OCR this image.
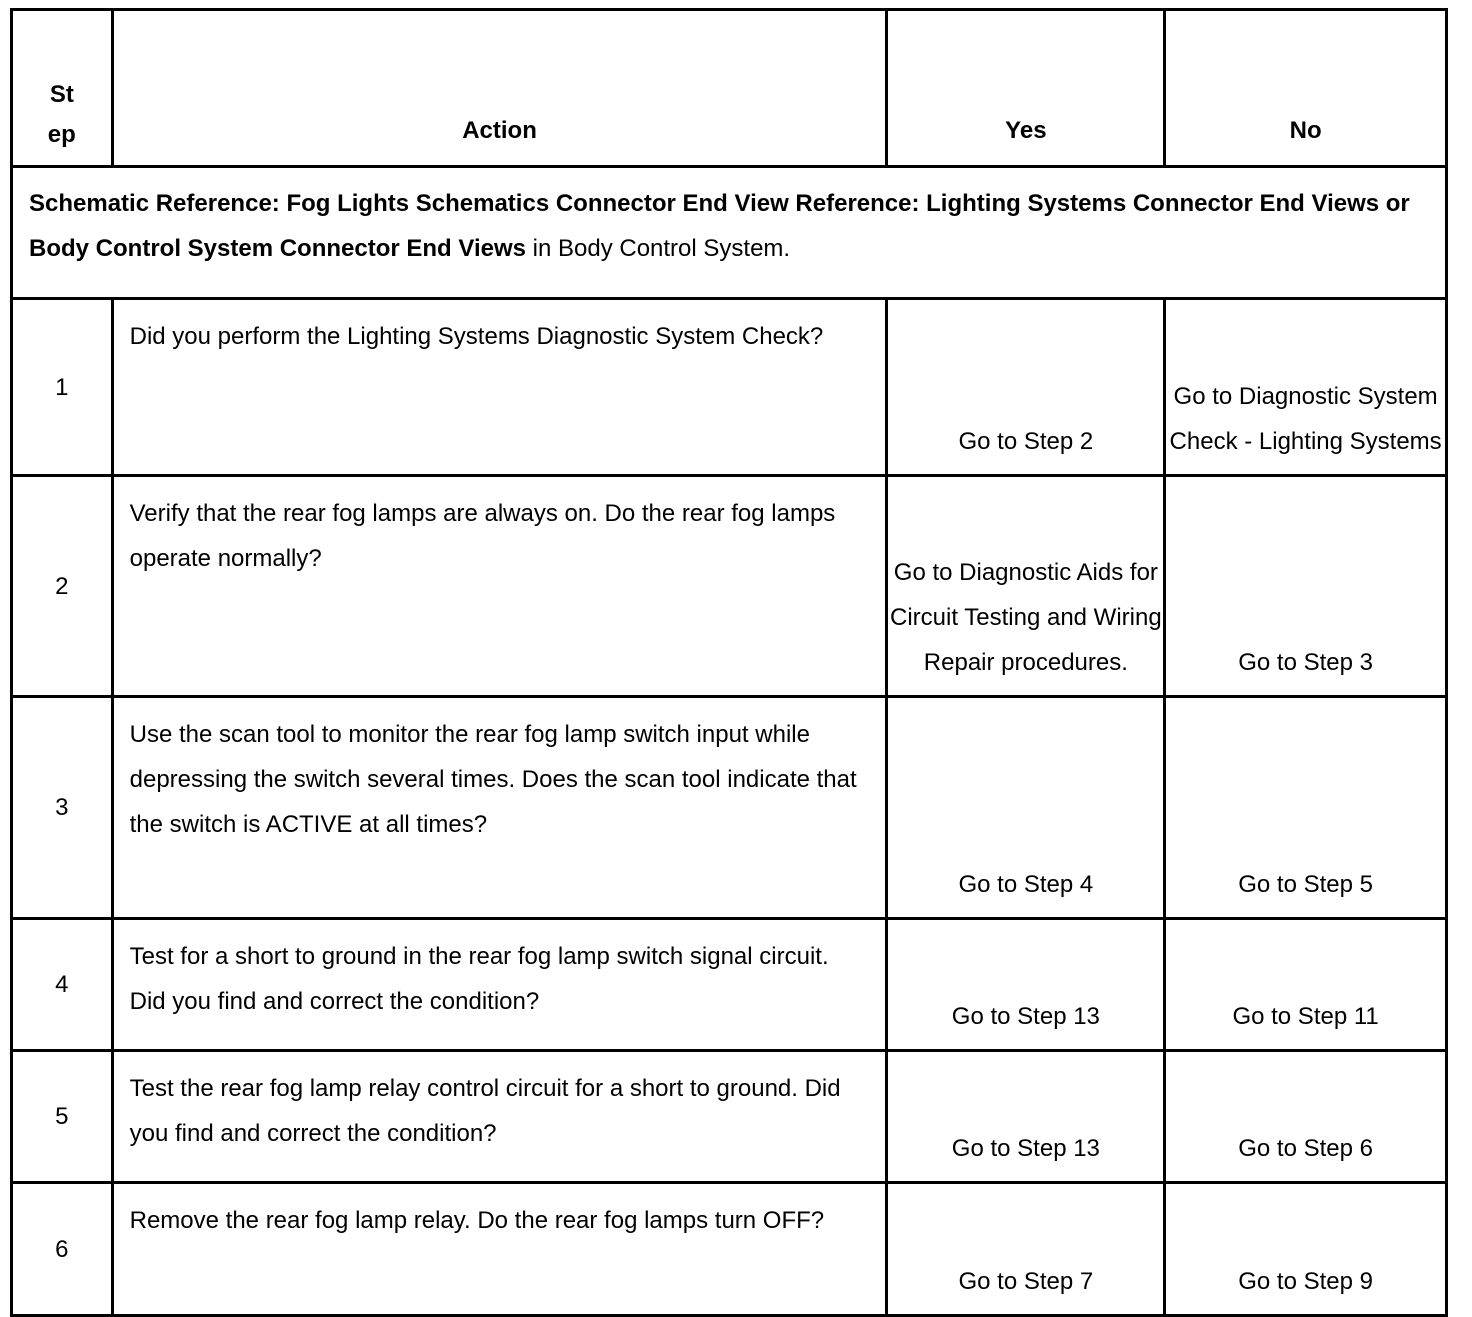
St
ep	Action	Yes	No
Schematic Reference: Fog Lights Schematics Connector End View Reference: Lighting Systems Connector End Views or Body Control System Connector End Views in Body Control System.			
1	Did you perform the Lighting Systems Diagnostic System Check?	Go to Step 2	Go to Diagnostic System Check - Lighting Systems
2	Verify that the rear fog lamps are always on. Do the rear fog lamps operate normally?	Go to Diagnostic Aids for Circuit Testing and Wiring Repair procedures.	Go to Step 3
3	Use the scan tool to monitor the rear fog lamp switch input while depressing the switch several times. Does the scan tool indicate that the switch is ACTIVE at all times?	Go to Step 4	Go to Step 5
4	Test for a short to ground in the rear fog lamp switch signal circuit. Did you find and correct the condition?	Go to Step 13	Go to Step 11
5	Test the rear fog lamp relay control circuit for a short to ground. Did you find and correct the condition?	Go to Step 13	Go to Step 6
6	Remove the rear fog lamp relay. Do the rear fog lamps turn OFF?	Go to Step 7	Go to Step 9
